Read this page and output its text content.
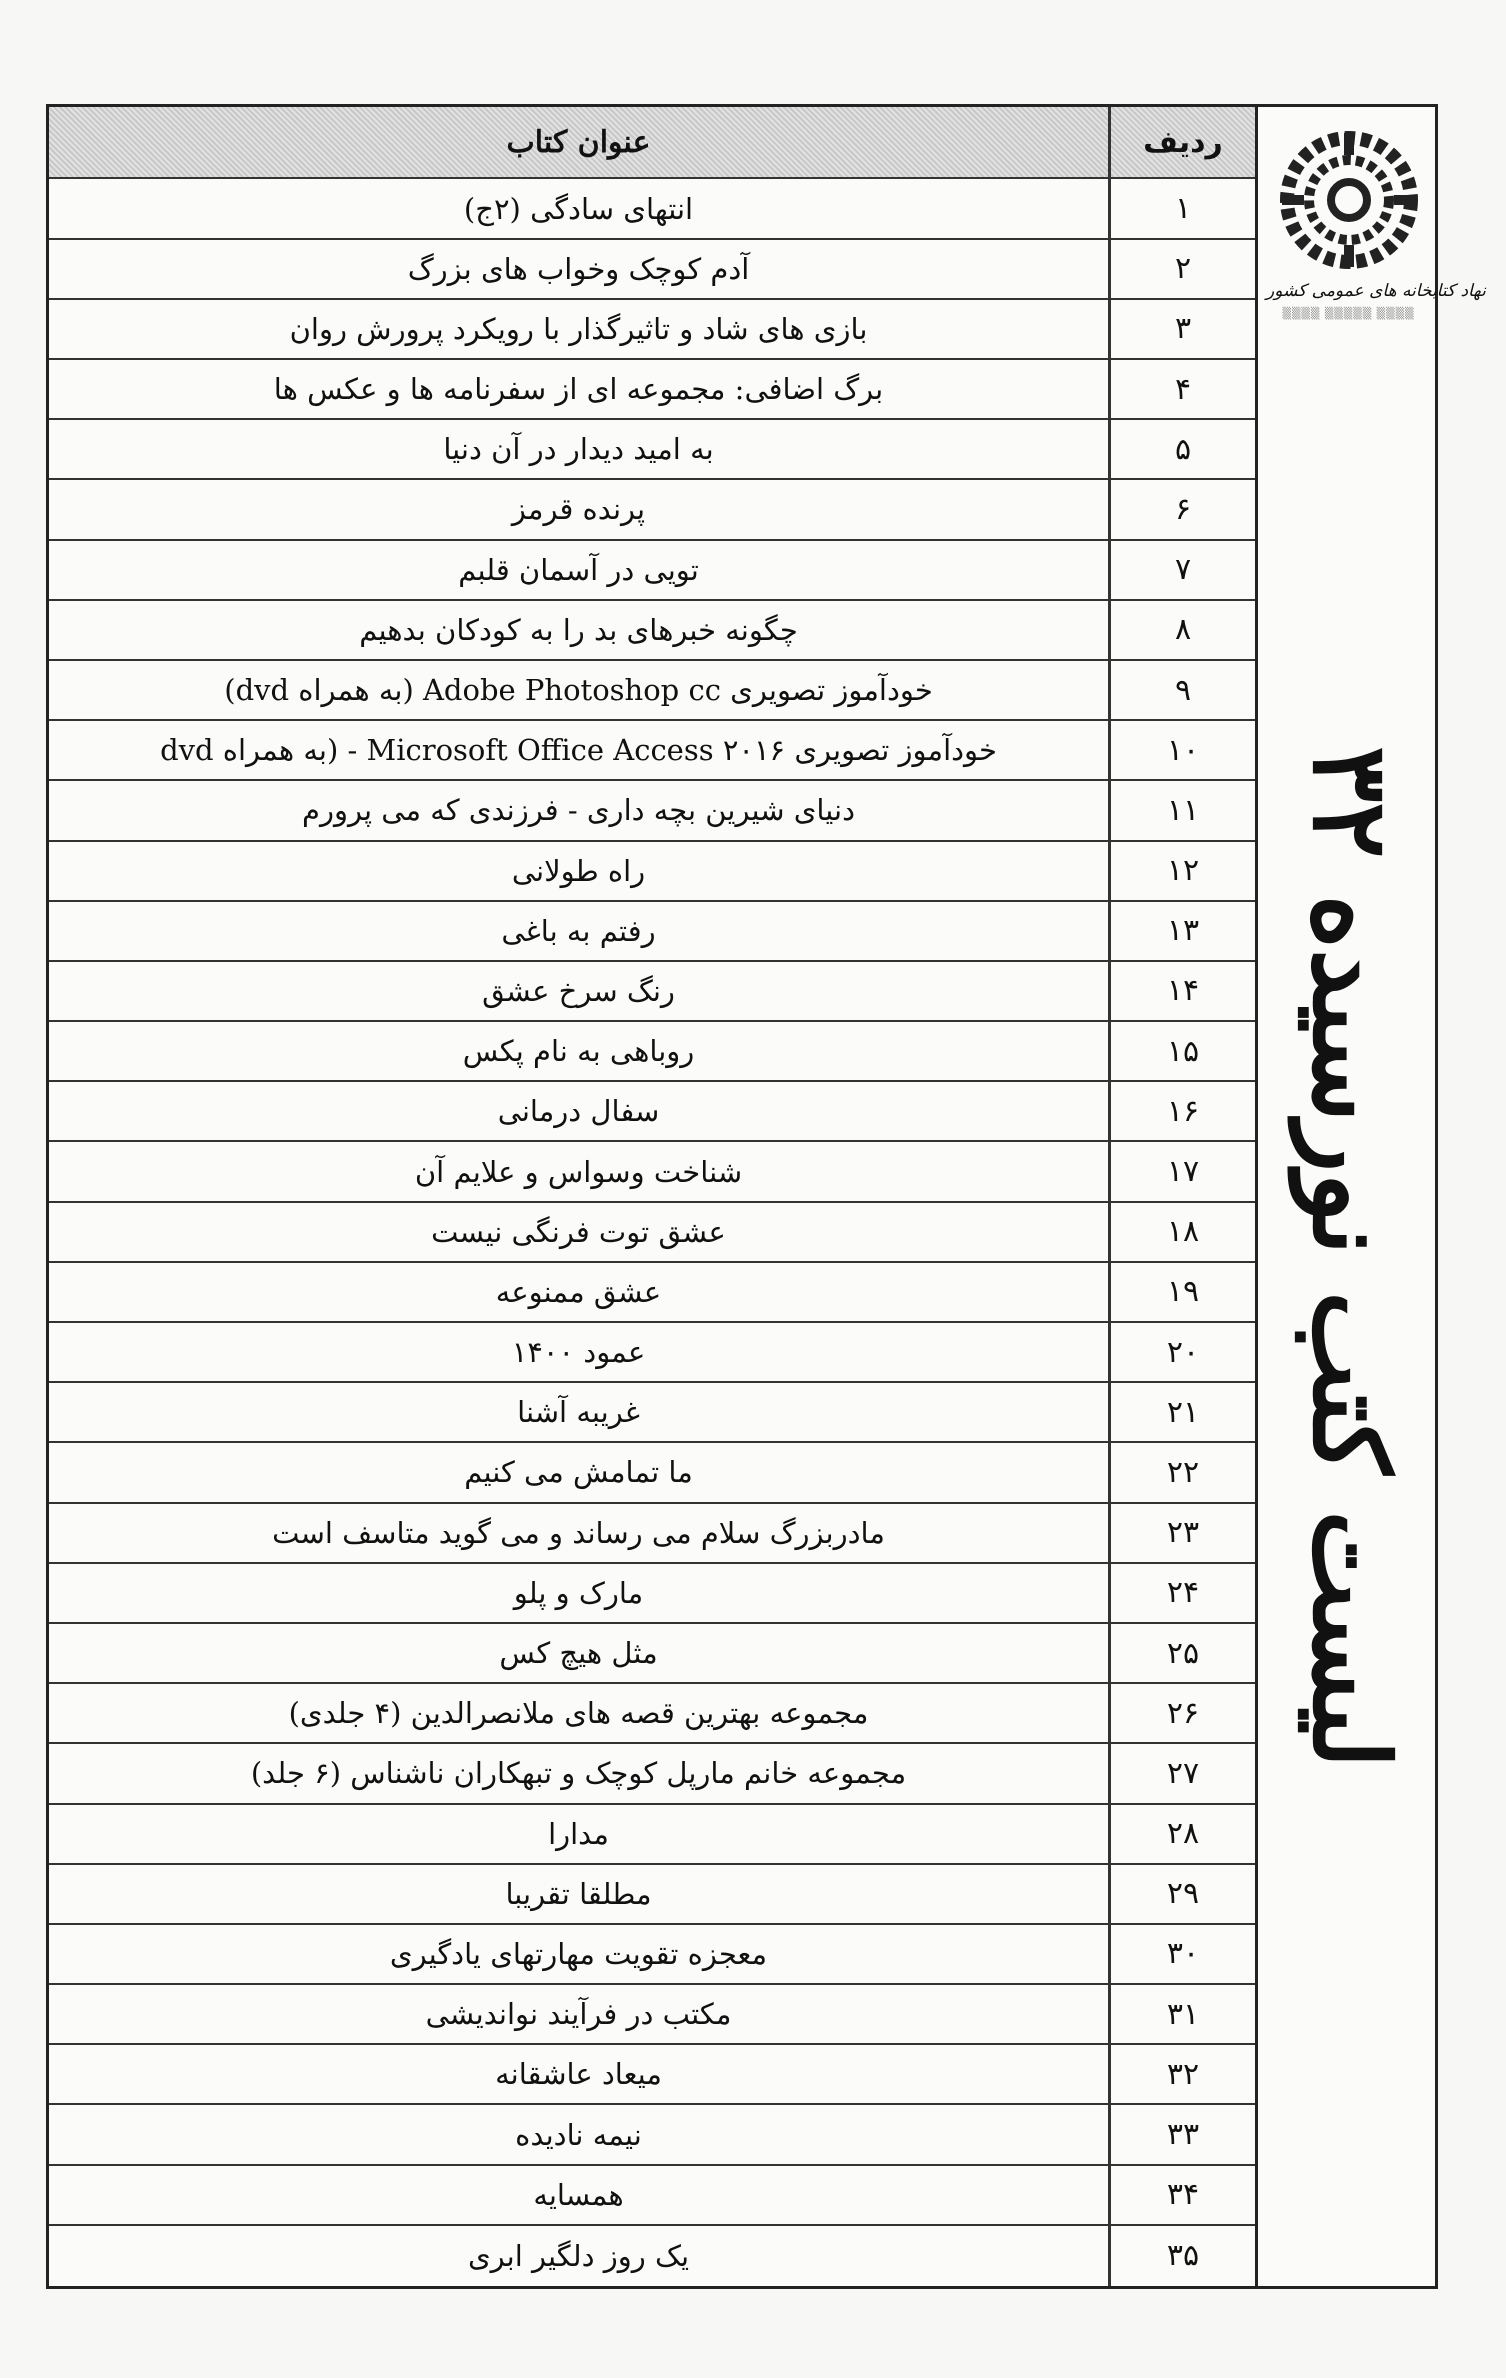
نهاد کتابخانه های عمومی کشور
▒▒▒▒ ▒▒▒▒▒ ▒▒▒▒
لیست کتب نورسیده ۳۲
ردیف
عنوان کتاب
۱
انتهای سادگی (۲ج)
۲
آدم کوچک وخواب های بزرگ
۳
بازی های شاد و تاثیرگذار با رویکرد پرورش روان
۴
برگ اضافی: مجموعه ای از سفرنامه ها و عکس ها
۵
به امید دیدار در آن دنیا
۶
پرنده قرمز
۷
تویی در آسمان قلبم
۸
چگونه خبرهای بد را به کودکان بدهیم
۹
خودآموز تصویری Adobe Photoshop cc (به همراه dvd)
۱۰
خودآموز تصویری Microsoft Office Access ۲۰۱۶ - (به همراه dvd
۱۱
دنیای شیرین بچه داری - فرزندی که می پرورم
۱۲
راه طولانی
۱۳
رفتم به باغی
۱۴
رنگ سرخ عشق
۱۵
روباهی به نام پکس
۱۶
سفال درمانی
۱۷
شناخت وسواس و علایم آن
۱۸
عشق توت فرنگی نیست
۱۹
عشق ممنوعه
۲۰
عمود ۱۴۰۰
۲۱
غریبه آشنا
۲۲
ما تمامش می کنیم
۲۳
مادربزرگ سلام می رساند و می گوید متاسف است
۲۴
مارک و پلو
۲۵
مثل هیچ کس
۲۶
مجموعه بهترین قصه های ملانصرالدین (۴ جلدی)
۲۷
مجموعه خانم مارپل کوچک و تبهکاران ناشناس (۶ جلد)
۲۸
مدارا
۲۹
مطلقا تقریبا
۳۰
معجزه تقویت مهارتهای یادگیری
۳۱
مکتب در فرآیند نواندیشی
۳۲
میعاد عاشقانه
۳۳
نیمه نادیده
۳۴
همسایه
۳۵
یک روز دلگیر ابری
